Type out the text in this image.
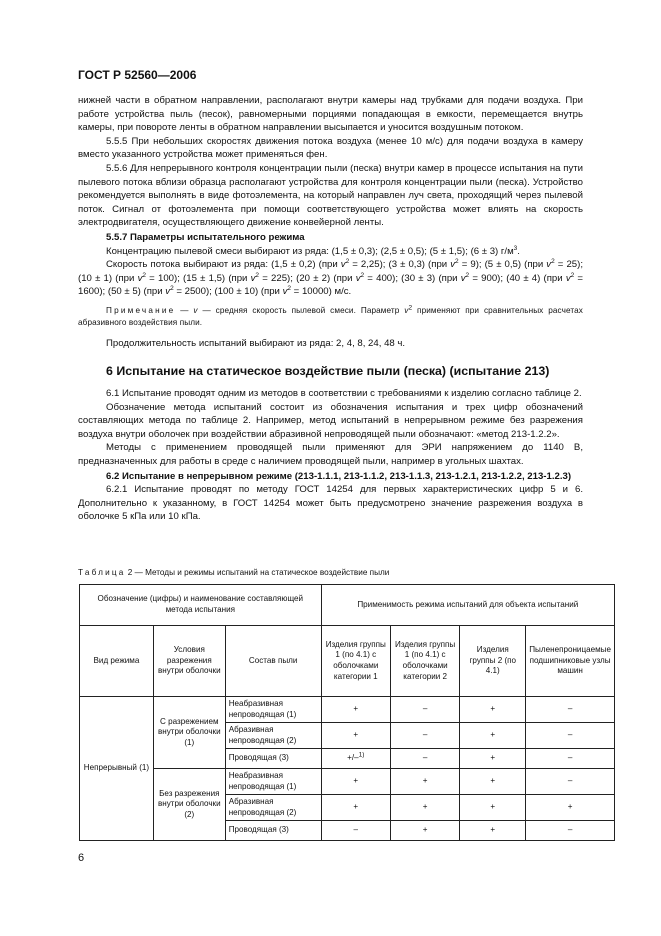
ГОСТ Р 52560—2006

нижней части в обратном направлении, располагают внутри камеры над трубками для подачи воздуха. При работе устройства пыль (песок), равномерными порциями попадающая в емкости, перемещается внутрь камеры, при повороте ленты в обратном направлении высыпается и уносится воздушным потоком.

5.5.5 При небольших скоростях движения потока воздуха (менее 10 м/с) для подачи воздуха в камеру вместо указанного устройства может применяться фен.

5.5.6 Для непрерывного контроля концентрации пыли (песка) внутри камер в процессе испытания на пути пылевого потока вблизи образца располагают устройства для контроля концентрации пыли (песка). Устройство рекомендуется выполнять в виде фотоэлемента, на который направлен луч света, проходящий через пылевой поток. Сигнал от фотоэлемента при помощи соответствующего устройства может влиять на скорость электродвигателя, осуществляющего движение конвейерной ленты.

5.5.7 Параметры испытательного режима

Концентрацию пылевой смеси выбирают из ряда: (1,5 ± 0,3); (2,5 ± 0,5); (5 ± 1,5); (6 ± 3) $г/м^3$.

Скорость потока выбирают из ряда: (1,5 ± 0,2) (при $v^2 = 2,25$); (3 ± 0,3) (при $v^2 = 9$); (5 ± 0,5) (при $v^2 = 25$); (10 ± 1) (при $v^2 = 100$); (15 ± 1,5) (при $v^2 = 225$); (20 ± 2) (при $v^2 = 400$); (30 ± 3) (при $v^2 = 900$); (40 ± 4) (при $v^2 = 1600$); (50 ± 5) (при $v^2 = 2500$); (100 ± 10) (при $v^2 = 10000$) м/с.

Примечание — v — средняя скорость пылевой смеси. Параметр $v^2$ применяют при сравнительных расчетах абразивного воздействия пыли.

Продолжительность испытаний выбирают из ряда: 2, 4, 8, 24, 48 ч.

6 Испытание на статическое воздействие пыли (песка) (испытание 213)

6.1 Испытание проводят одним из методов в соответствии с требованиями к изделию согласно таблице 2.

Обозначение метода испытаний состоит из обозначения испытания и трех цифр обозначений составляющих метода по таблице 2. Например, метод испытаний в непрерывном режиме без разрежения воздуха внутри оболочек при воздействии абразивной непроводящей пыли обозначают: «метод 213-1.2.2».

Методы с применением проводящей пыли применяют для ЭРИ напряжением до 1140 В, предназначенных для работы в среде с наличием проводящей пыли, например в угольных шахтах.

6.2 Испытание в непрерывном режиме (213-1.1.1, 213-1.1.2, 213-1.1.3, 213-1.2.1, 213-1.2.2, 213-1.2.3)

6.2.1 Испытание проводят по методу ГОСТ 14254 для первых характеристических цифр 5 и 6. Дополнительно к указанному, в ГОСТ 14254 может быть предусмотрено значение разрежения воздуха в оболочке 5 кПа или 10 кПа.

Таблица 2 — Методы и режимы испытаний на статическое воздействие пыли
Обозначение (цифры) и наименование составляющей метода испытания			Применимость режима испытаний для объекта испытаний			
Вид режима	Условия разрежения внутри оболочки	Состав пыли	Изделия группы 1 (по 4.1) с оболочками категории 1	Изделия группы 1 (по 4.1) с оболочками категории 2	Изделия группы 2 (по 4.1)	Пыленепроницаемые подшипниковые узлы машин
Непрерывный (1)	С разрежением внутри оболочки (1)	Неабразивная непроводящая (1)	+	–	+	–
		Абразивная непроводящая (2)	+	–	+	–
		Проводящая (3)	+/–$^{1)}$	–	+	–
	Без разрежения внутри оболочки (2)	Неабразивная непроводящая (1)	+	+	+	–
		Абразивная непроводящая (2)	+	+	+	+
		Проводящая (3)	–	+	+	–
6
